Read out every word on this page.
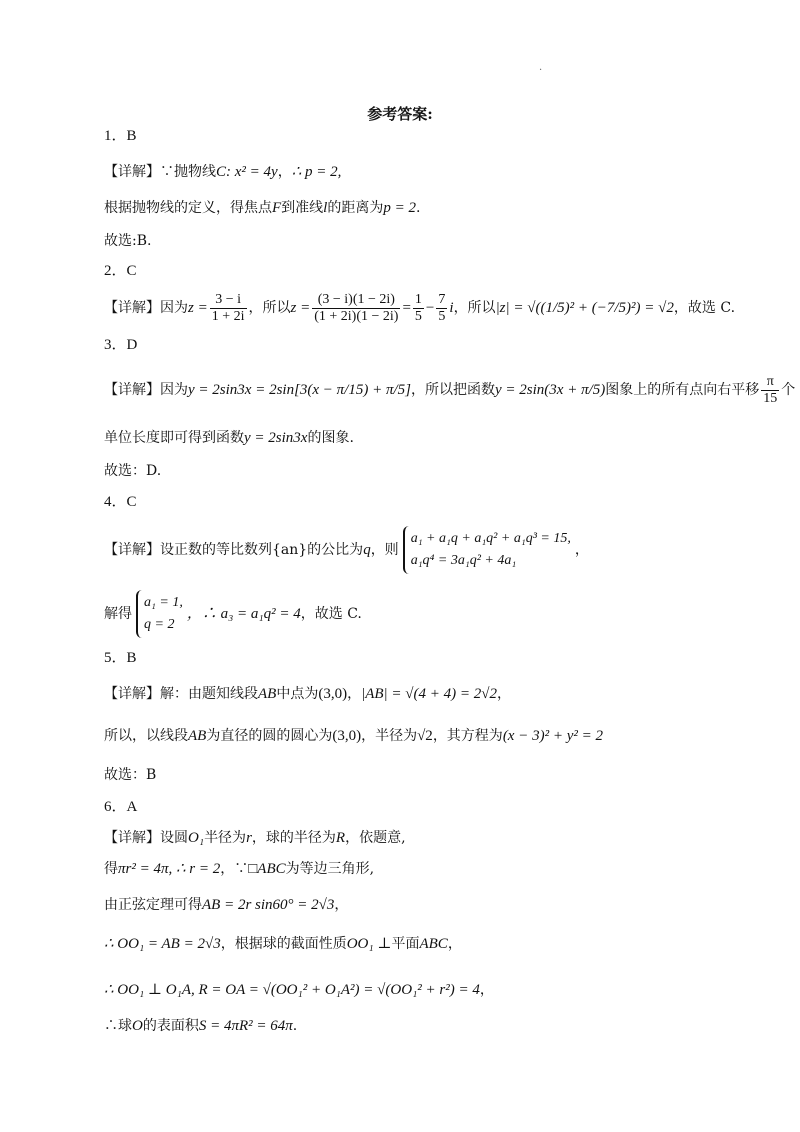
.
参考答案:
1．B
【详解】∵抛物线C: x² = 4y，∴ p = 2,
根据抛物线的定义，得焦点F到准线l的距离为p = 2.
故选:B.
2．C
【详解】因为$z = \frac{3 - i}{1 + 2i}$ ，所以$z = \frac{(3 - i)(1 - 2i)}{(1 + 2i)(1 - 2i)} = \frac{1}{5} - \frac{7}{5}$ i，所以|z| = √((1/5)² + (−7/5)²) = √2，故选 C.
3．D
【详解】因为y = 2sin3x = 2sin[3(x − π/15) + π/5]，所以把函数y = 2sin(3x + π/5)图象上的所有点向右平移 $\frac{\pi}{15}$ 个
单位长度即可得到函数y = 2sin3x的图象.
故选：D.
4．C
【详解】设正数的等比数列{an}的公比为q，则
a₁ + a₁q + a₁q² + a₁q³ = 15,
a₁q⁴ = 3a₁q² + 4a₁
，
解得
a₁ = 1,
q = 2
，∴ a₃ = a₁q² = 4，故选 C.
5．B
【详解】解：由题知线段AB中点为(3,0)，|AB| = √(4 + 4) = 2√2，
所以，以线段AB为直径的圆的圆心为(3,0)，半径为√2，其方程为(x − 3)² + y² = 2
故选：B
6．A
【详解】设圆O₁半径为r，球的半径为R，依题意,
得πr² = 4π, ∴ r = 2，∵□ABC为等边三角形,
由正弦定理可得AB = 2r sin60° = 2√3，
∴ OO₁ = AB = 2√3，根据球的截面性质OO₁ ⊥平面ABC，
∴ OO₁ ⊥ O₁A, R = OA = √(OO₁² + O₁A²) = √(OO₁² + r²) = 4，
∴球O的表面积S = 4πR² = 64π.
